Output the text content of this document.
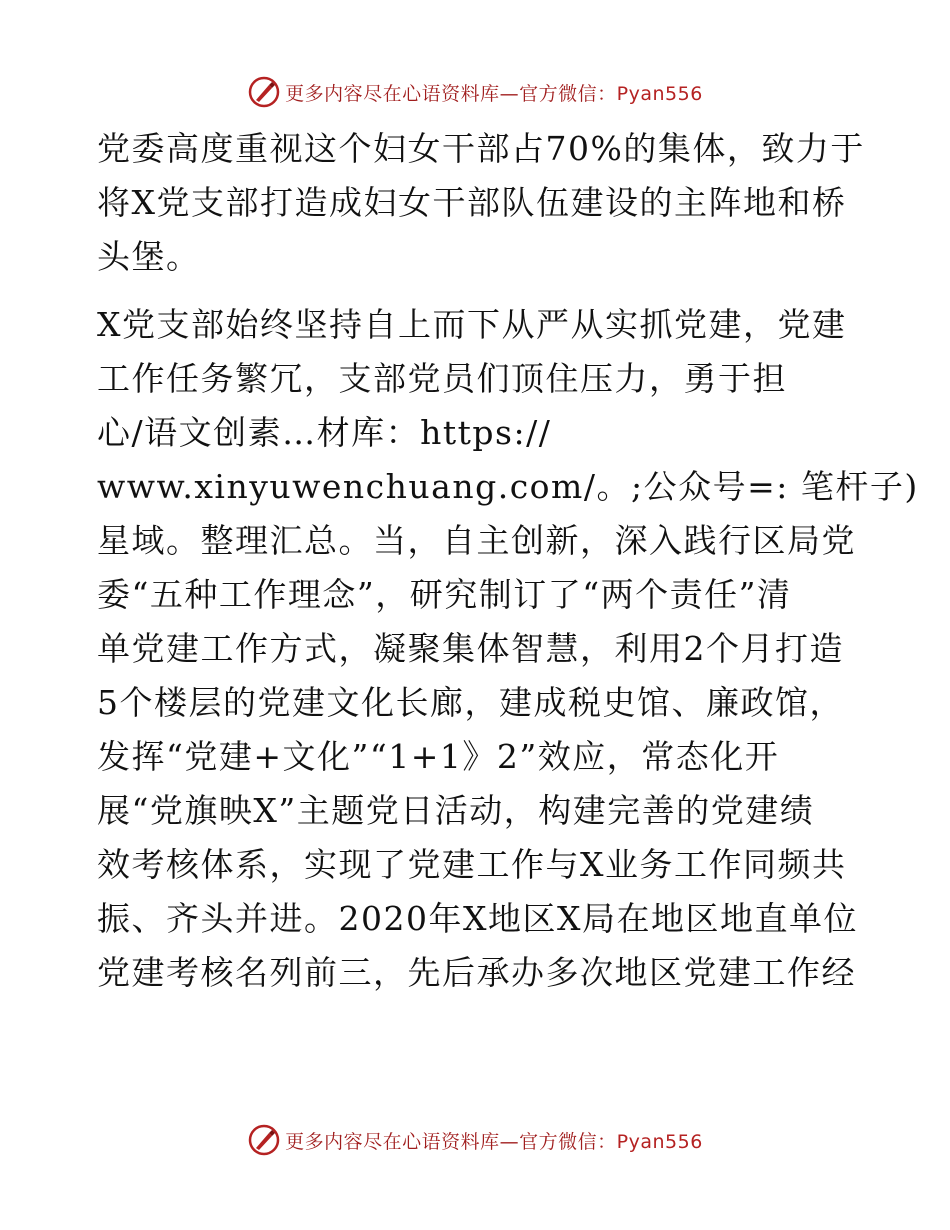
更多内容尽在心语资料库—官方微信：Pyan556
党委高度重视这个妇女干部占70%的集体，致力于
将X党支部打造成妇女干部队伍建设的主阵地和桥
头堡。
X党支部始终坚持自上而下从严从实抓党建，党建
工作任务繁冗，支部党员们顶住压力，勇于担
心/语文创素…材库：https://
www.xinyuwenchuang.com/。;公众号=: 笔杆子)
星域。整理汇总。当，自主创新，深入践行区局党
委“五种工作理念”，研究制订了“两个责任”清
单党建工作方式，凝聚集体智慧，利用2个月打造
5个楼层的党建文化长廊，建成税史馆、廉政馆，
发挥“党建+文化”“1+1》2”效应，常态化开
展“党旗映X”主题党日活动，构建完善的党建绩
效考核体系，实现了党建工作与X业务工作同频共
振、齐头并进。2020年X地区X局在地区地直单位
党建考核名列前三，先后承办多次地区党建工作经
更多内容尽在心语资料库—官方微信：Pyan556
